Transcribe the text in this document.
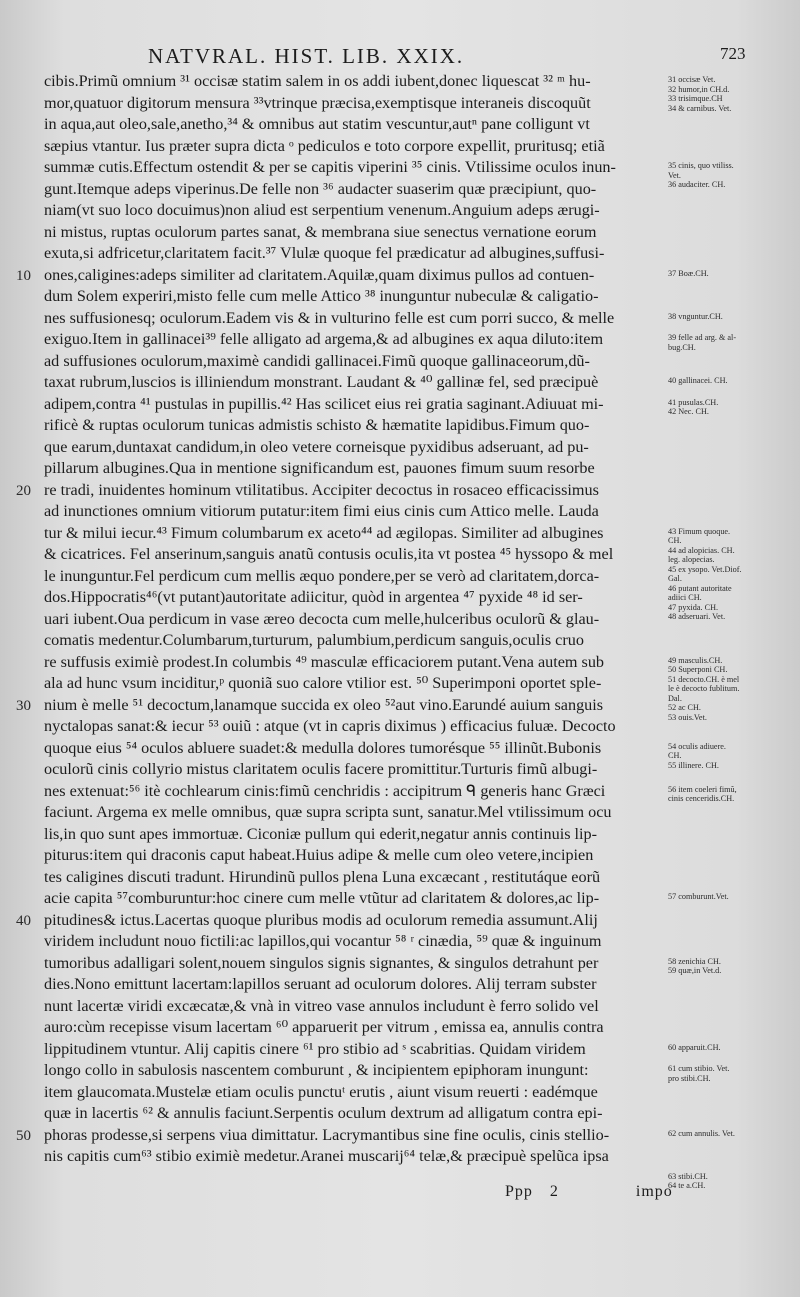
NATVRAL. HIST. LIB. XXIX.	723
cibis.Primũ omnium ³¹ occisæ statim salem in os addi iubent,donec liquescat ³² ᵐ hu-
mor,quatuor digitorum mensura ³³vtrinque præcisa,exemptisque interaneis discoquũt
in aqua,aut oleo,sale,anetho,³⁴ & omnibus aut statim vescuntur,autⁿ pane colligunt vt
sæpius vtantur. Ius præter supra dicta ᵒ pediculos e toto corpore expellit, pruritusq; etiã
summæ cutis.Effectum ostendit & per se capitis viperini ³⁵ cinis. Vtilissime oculos inun-
gunt.Itemque adeps viperinus.De felle non ³⁶ audacter suaserim quæ præcipiunt, quo-
niam(vt suo loco docuimus)non aliud est serpentium venenum.Anguium adeps ærugi-
ni mistus, ruptas oculorum partes sanat, & membrana siue senectus vernatione eorum
exuta,si adfricetur,claritatem facit.³⁷ Vlulæ quoque fel prædicatur ad albugines,suffusi-
ones,caligines:adeps similiter ad claritatem.Aquilæ,quam diximus pullos ad contuen-
dum Solem experiri,misto felle cum melle Attico ³⁸ inunguntur nubeculæ & caligatio-
nes suffusionesq; oculorum.Eadem vis & in vulturino felle est cum porri succo, & melle
exiguo.Item in gallinacei³⁹ felle alligato ad argema,& ad albugines ex aqua diluto:item
ad suffusiones oculorum,maximè candidi gallinacei.Fimũ quoque gallinaceorum,dũ-
taxat rubrum,luscios is illiniendum monstrant. Laudant & ⁴⁰ gallinæ fel, sed præcipuè
adipem,contra ⁴¹ pustulas in pupillis.⁴² Has scilicet eius rei gratia saginant.Adiuuat mi-
rificè & ruptas oculorum tunicas admistis schisto & hæmatite lapidibus.Fimum quo-
que earum,duntaxat candidum,in oleo vetere corneisque pyxidibus adseruant, ad pu-
pillarum albugines.Qua in mentione significandum est, pauones fimum suum resorbe
re tradi, inuidentes hominum vtilitatibus. Accipiter decoctus in rosaceo efficacissimus
ad inunctiones omnium vitiorum putatur:item fimi eius cinis cum Attico melle. Lauda
tur & milui iecur.⁴³ Fimum columbarum ex aceto⁴⁴ ad ægilopas. Similiter ad albugines
& cicatrices. Fel anserinum,sanguis anatũ contusis oculis,ita vt postea ⁴⁵ hyssopo & mel
le inunguntur.Fel perdicum cum mellis æquo pondere,per se verò ad claritatem,dorca-
dos.Hippocratis⁴⁶(vt putant)autoritate adiicitur, quòd in argentea ⁴⁷ pyxide ⁴⁸ id ser-
uari iubent.Oua perdicum in vase æreo decocta cum melle,hulceribus oculorũ & glau-
comatis medentur.Columbarum,turturum, palumbium,perdicum sanguis,oculis cruo
re suffusis eximiè prodest.In columbis ⁴⁹ masculæ efficaciorem putant.Vena autem sub
ala ad hunc vsum inciditur,ᵖ quoniã suo calore vtilior est. ⁵⁰ Superimponi oportet sple-
nium è melle ⁵¹ decoctum,lanamque succida ex oleo ⁵²aut vino.Earundé auium sanguis
nyctalopas sanat:& iecur ⁵³ ouiũ : atque (vt in capris diximus ) efficacius fuluæ. Decocto
quoque eius ⁵⁴ oculos abluere suadet:& medulla dolores tumorésque ⁵⁵ illinũt.Bubonis
oculorũ cinis collyrio mistus claritatem oculis facere promittitur.Turturis fimũ albugi-
nes extenuat:⁵⁶ itè cochlearum cinis:fimũ cenchridis : accipitrum ᑫ generis hanc Græci
faciunt. Argema ex melle omnibus, quæ supra scripta sunt, sanatur.Mel vtilissimum ocu
lis,in quo sunt apes immortuæ. Ciconiæ pullum qui ederit,negatur annis continuis lip-
piturus:item qui draconis caput habeat.Huius adipe & melle cum oleo vetere,incipien
tes caligines discuti tradunt. Hirundinũ pullos plena Luna excæcant , restitutáque eorũ
acie capita ⁵⁷comburuntur:hoc cinere cum melle vtũtur ad claritatem & dolores,ac lip-
pitudines& ictus.Lacertas quoque pluribus modis ad oculorum remedia assumunt.Alij
viridem includunt nouo fictili:ac lapillos,qui vocantur ⁵⁸ ʳ cinædia, ⁵⁹ quæ & inguinum
tumoribus adalligari solent,nouem singulos signis signantes, & singulos detrahunt per
dies.Nono emittunt lacertam:lapillos seruant ad oculorum dolores. Alij terram subster
nunt lacertæ viridi excæcatæ,& vnà in vitreo vase annulos includunt è ferro solido vel
auro:cùm recepisse visum lacertam ⁶⁰ apparuerit per vitrum , emissa ea, annulis contra
lippitudinem vtuntur. Alij capitis cinere ⁶¹ pro stibio ad ˢ scabritias. Quidam viridem
longo collo in sabulosis nascentem comburunt , & incipientem epiphoram inungunt:
item glaucomata.Mustelæ etiam oculis punctuᵗ erutis , aiunt visum reuerti : eadémque
quæ in lacertis ⁶² & annulis faciunt.Serpentis oculum dextrum ad alligatum contra epi-
phoras prodesse,si serpens viua dimittatur. Lacrymantibus sine fine oculis, cinis stellio-
nis capitis cum⁶³ stibio eximiè medetur.Aranei muscarij⁶⁴ telæ,& præcipuè spelũca ipsa
10
20
30
40
50
31 occisæ Vet.
32 humor,in CH.d.
33 trisimque.CH
34 & carnibus. Vet.
35 cinis, quo vtiliss.
Vet.
36 audaciter. CH.
37 Boæ.CH.
38 vnguntur.CH.
39 felle ad arg. & al-
bug.CH.
40 gallinacei. CH.
41 pusulas.CH.
42 Nec. CH.
43 Fimum quoque.
CH.
44 ad alopicias. CH.
leg. alopecias.
45 ex ysopo. Vet.Diof.
Gal.
46 putant autoritate
adiici CH.
47 pyxida. CH.
48 adseruari. Vet.
49 masculis.CH.
50 Superponi CH.
51 decocto.CH. è mel
le è decocto fublitum.
Dal.
52 ac CH.
53 ouis.Vet.
54 oculis adiuere.
CH.
55 illinere. CH.
56 item coeleri fimũ,
cinis cenceridis.CH.
57 comburunt.Vet.
58 zenichia CH.
59 quæ,in Vet.d.
60 apparuit.CH.
61 cum stibio. Vet.
pro stibi.CH.
62 cum annulis. Vet.
63 stibi.CH.
64 te a.CH.
Ppp 2	impo
